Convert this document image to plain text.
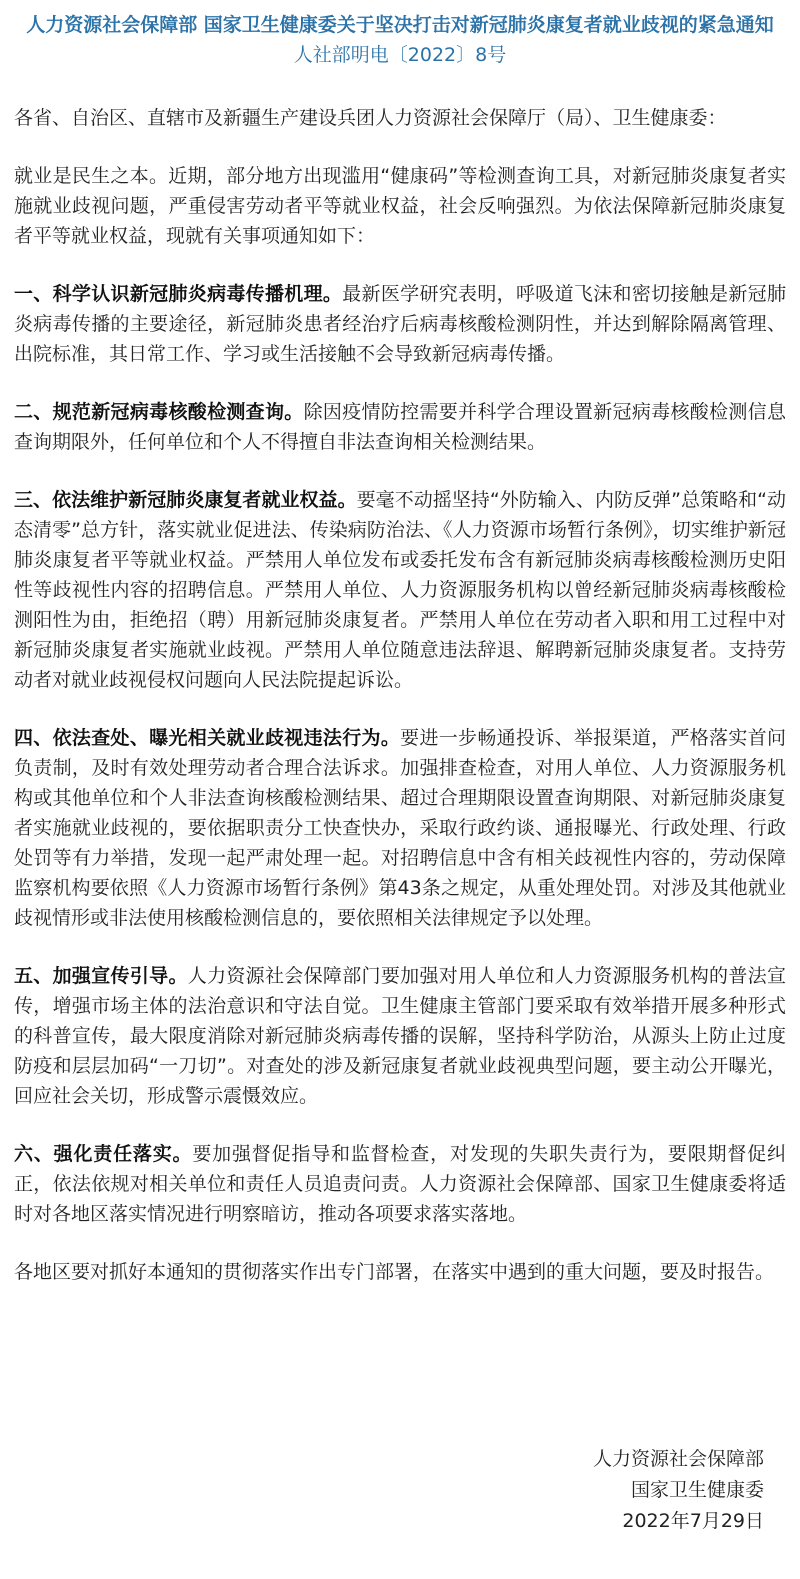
人力资源社会保障部 国家卫生健康委关于坚决打击对新冠肺炎康复者就业歧视的紧急通知
人社部明电〔2022〕8号

各省、自治区、直辖市及新疆生产建设兵团人力资源社会保障厅（局）、卫生健康委：

就业是民生之本。近期，部分地方出现滥用“健康码”等检测查询工具，对新冠肺炎康复者实施就业歧视问题，严重侵害劳动者平等就业权益，社会反响强烈。为依法保障新冠肺炎康复者平等就业权益，现就有关事项通知如下：

一、科学认识新冠肺炎病毒传播机理。最新医学研究表明，呼吸道飞沫和密切接触是新冠肺炎病毒传播的主要途径，新冠肺炎患者经治疗后病毒核酸检测阴性，并达到解除隔离管理、出院标准，其日常工作、学习或生活接触不会导致新冠病毒传播。

二、规范新冠病毒核酸检测查询。除因疫情防控需要并科学合理设置新冠病毒核酸检测信息查询期限外，任何单位和个人不得擅自非法查询相关检测结果。

三、依法维护新冠肺炎康复者就业权益。要毫不动摇坚持“外防输入、内防反弹”总策略和“动态清零”总方针，落实就业促进法、传染病防治法、《人力资源市场暂行条例》，切实维护新冠肺炎康复者平等就业权益。严禁用人单位发布或委托发布含有新冠肺炎病毒核酸检测历史阳性等歧视性内容的招聘信息。严禁用人单位、人力资源服务机构以曾经新冠肺炎病毒核酸检测阳性为由，拒绝招（聘）用新冠肺炎康复者。严禁用人单位在劳动者入职和用工过程中对新冠肺炎康复者实施就业歧视。严禁用人单位随意违法辞退、解聘新冠肺炎康复者。支持劳动者对就业歧视侵权问题向人民法院提起诉讼。

四、依法查处、曝光相关就业歧视违法行为。要进一步畅通投诉、举报渠道，严格落实首问负责制，及时有效处理劳动者合理合法诉求。加强排查检查，对用人单位、人力资源服务机构或其他单位和个人非法查询核酸检测结果、超过合理期限设置查询期限、对新冠肺炎康复者实施就业歧视的，要依据职责分工快查快办，采取行政约谈、通报曝光、行政处理、行政处罚等有力举措，发现一起严肃处理一起。对招聘信息中含有相关歧视性内容的，劳动保障监察机构要依照《人力资源市场暂行条例》第43条之规定，从重处理处罚。对涉及其他就业歧视情形或非法使用核酸检测信息的，要依照相关法律规定予以处理。

五、加强宣传引导。人力资源社会保障部门要加强对用人单位和人力资源服务机构的普法宣传，增强市场主体的法治意识和守法自觉。卫生健康主管部门要采取有效举措开展多种形式的科普宣传，最大限度消除对新冠肺炎病毒传播的误解，坚持科学防治，从源头上防止过度防疫和层层加码“一刀切”。对查处的涉及新冠康复者就业歧视典型问题，要主动公开曝光，回应社会关切，形成警示震慑效应。

六、强化责任落实。要加强督促指导和监督检查，对发现的失职失责行为，要限期督促纠正，依法依规对相关单位和责任人员追责问责。人力资源社会保障部、国家卫生健康委将适时对各地区落实情况进行明察暗访，推动各项要求落实落地。

各地区要对抓好本通知的贯彻落实作出专门部署，在落实中遇到的重大问题，要及时报告。

人力资源社会保障部
国家卫生健康委
2022年7月29日
